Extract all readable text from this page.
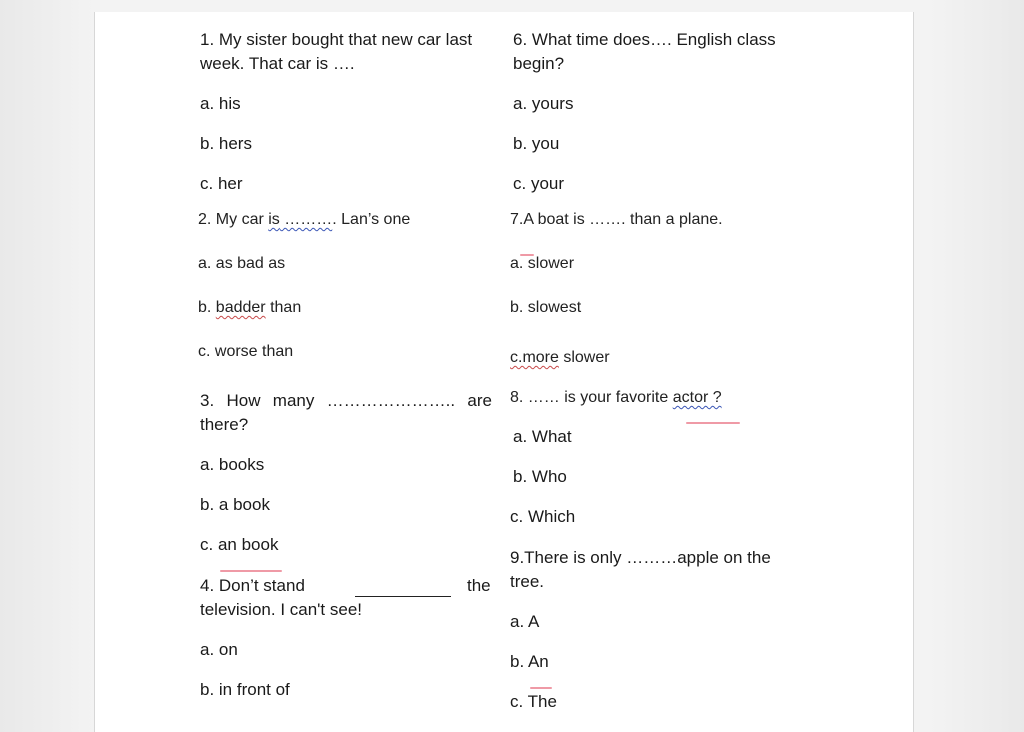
1. My sister bought that new car last

week. That car is ….

a. his

b. hers

c. her

2. My car is ………. Lan’s one

a. as bad as

b. badder than

c. worse than

3. How many ………………….. are

there?

a. books

b. a book

c. an book

4. Don’t stand	the

television. I can't see!

a. on

b. in front of

6. What time does…. English class

begin?

a. yours

b. you

c. your

7.A boat is ……. than a plane.

a. slower

b. slowest

c.more slower

8. …… is your favorite actor ?

a. What

b. Who

c. Which

9.There is only ………apple on the

tree.

a. A

b. An

c. The
